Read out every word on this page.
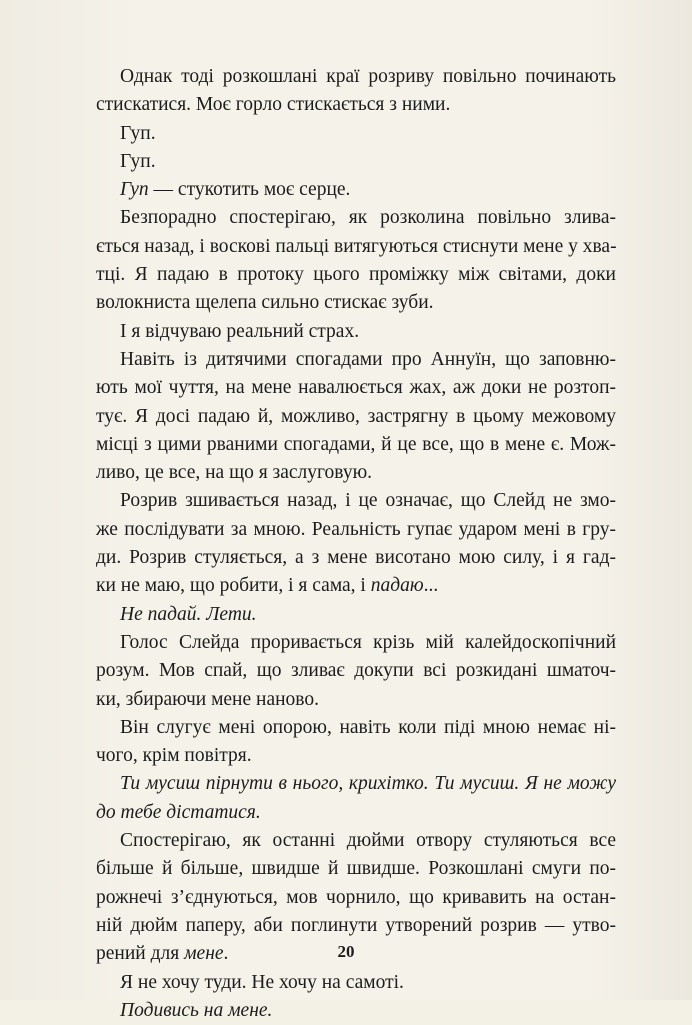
Однак тоді розкошлані краї розриву повільно починають
стискатися. Моє горло стискається з ними.
Гуп.
Гуп.
Гуп — стукотить моє серце.
Безпорадно спостерігаю, як розколина повільно злива-
ється назад, і воскові пальці витягуються стиснути мене у хва-
тці. Я падаю в протоку цього проміжку між світами, доки
волокниста щелепа сильно стискає зуби.
І я відчуваю реальний страх.
Навіть із дитячими спогадами про Аннуїн, що заповню-
ють мої чуття, на мене навалюється жах, аж доки не розтоп-
тує. Я досі падаю й, можливо, застрягну в цьому межовому
місці з цими рваними спогадами, й це все, що в мене є. Мож-
ливо, це все, на що я заслуговую.
Розрив зшивається назад, і це означає, що Слейд не змо-
же послідувати за мною. Реальність гупає ударом мені в гру-
ди. Розрив стуляється, а з мене висотано мою силу, і я гад-
ки не маю, що робити, і я сама, і падаю...
Не падай. Лети.
Голос Слейда проривається крізь мій калейдоскопічний
розум. Мов спай, що зливає докупи всі розкидані шматоч-
ки, збираючи мене наново.
Він слугує мені опорою, навіть коли піді мною немає ні-
чого, крім повітря.
Ти мусиш пірнути в нього, крихітко. Ти мусиш. Я не можу
до тебе дістатися.
Спостерігаю, як останні дюйми отвору стуляються все
більше й більше, швидше й швидше. Розкошлані смуги по-
рожнечі з’єднуються, мов чорнило, що кривавить на остан-
ній дюйм паперу, аби поглинути утворений розрив — утво-
рений для мене.
Я не хочу туди. Не хочу на самоті.
Подивись на мене.
20
